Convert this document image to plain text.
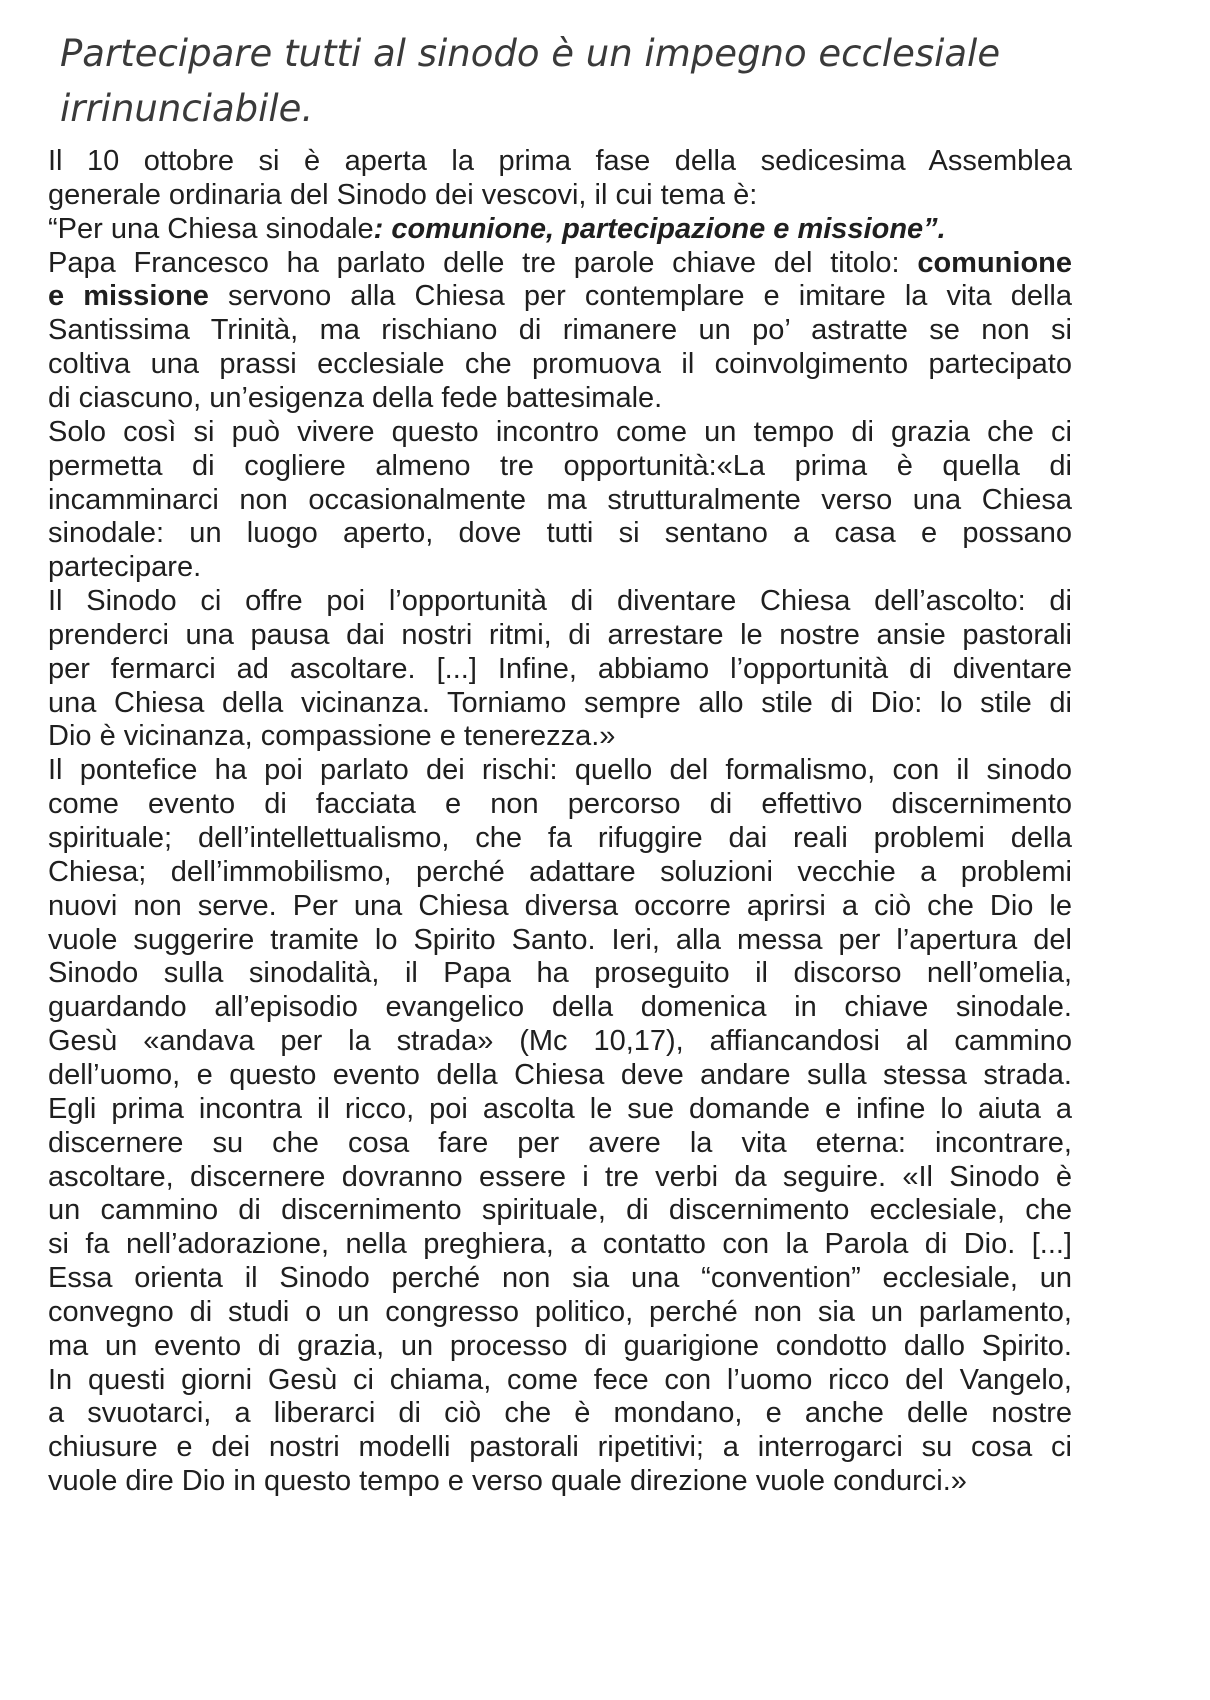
Partecipare tutti al sinodo è un impegno ecclesiale
irrinunciabile.
Il 10 ottobre si è aperta la prima fase della sedicesima Assemblea
generale ordinaria del Sinodo dei vescovi, il cui tema è:
“Per una Chiesa sinodale: comunione, partecipazione e missione”.
Papa Francesco ha parlato delle tre parole chiave del titolo: comunione
e missione servono alla Chiesa per contemplare e imitare la vita della
Santissima Trinità, ma rischiano di rimanere un po’ astratte se non si
coltiva una prassi ecclesiale che promuova il coinvolgimento partecipato
di ciascuno, un’esigenza della fede battesimale.
Solo così si può vivere questo incontro come un tempo di grazia che ci
permetta di cogliere almeno tre opportunità:«La prima è quella di
incamminarci non occasionalmente ma strutturalmente verso una Chiesa
sinodale: un luogo aperto, dove tutti si sentano a casa e possano
partecipare.
Il Sinodo ci offre poi l’opportunità di diventare Chiesa dell’ascolto: di
prenderci una pausa dai nostri ritmi, di arrestare le nostre ansie pastorali
per fermarci ad ascoltare. [...] Infine, abbiamo l’opportunità di diventare
una Chiesa della vicinanza. Torniamo sempre allo stile di Dio: lo stile di
Dio è vicinanza, compassione e tenerezza.»
Il pontefice ha poi parlato dei rischi: quello del formalismo, con il sinodo
come evento di facciata e non percorso di effettivo discernimento
spirituale; dell’intellettualismo, che fa rifuggire dai reali problemi della
Chiesa; dell’immobilismo, perché adattare soluzioni vecchie a problemi
nuovi non serve. Per una Chiesa diversa occorre aprirsi a ciò che Dio le
vuole suggerire tramite lo Spirito Santo. Ieri, alla messa per l’apertura del
Sinodo sulla sinodalità, il Papa ha proseguito il discorso nell’omelia,
guardando all’episodio evangelico della domenica in chiave sinodale.
Gesù «andava per la strada» (Mc 10,17), affiancandosi al cammino
dell’uomo, e questo evento della Chiesa deve andare sulla stessa strada.
Egli prima incontra il ricco, poi ascolta le sue domande e infine lo aiuta a
discernere su che cosa fare per avere la vita eterna: incontrare,
ascoltare, discernere dovranno essere i tre verbi da seguire. «Il Sinodo è
un cammino di discernimento spirituale, di discernimento ecclesiale, che
si fa nell’adorazione, nella preghiera, a contatto con la Parola di Dio. [...]
Essa orienta il Sinodo perché non sia una “convention” ecclesiale, un
convegno di studi o un congresso politico, perché non sia un parlamento,
ma un evento di grazia, un processo di guarigione condotto dallo Spirito.
In questi giorni Gesù ci chiama, come fece con l’uomo ricco del Vangelo,
a svuotarci, a liberarci di ciò che è mondano, e anche delle nostre
chiusure e dei nostri modelli pastorali ripetitivi; a interrogarci su cosa ci
vuole dire Dio in questo tempo e verso quale direzione vuole condurci.»
